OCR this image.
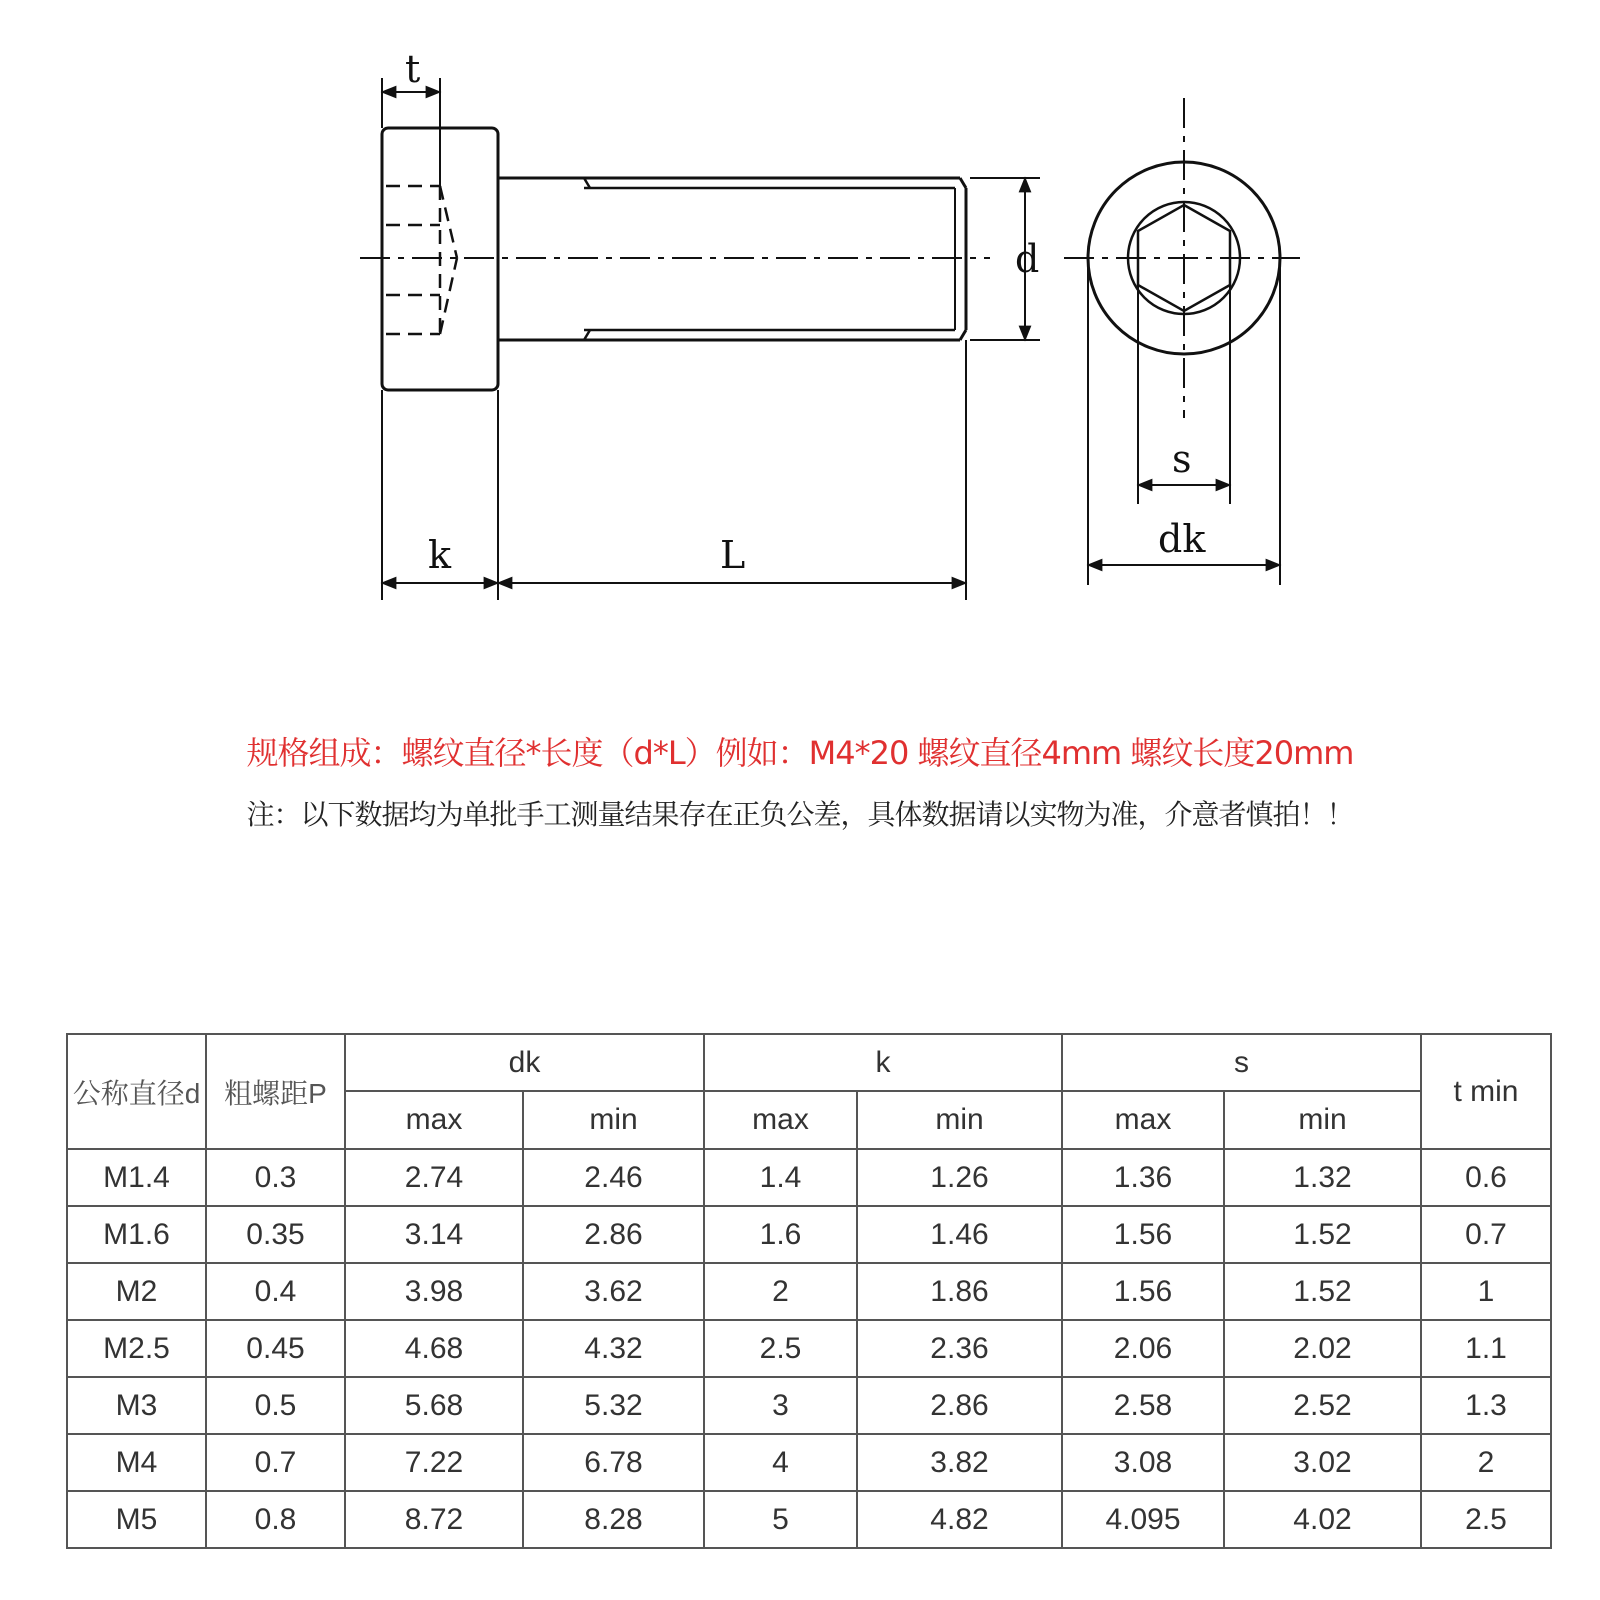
t
d
k	L
s
dk
规格组成：螺纹直径*长度（d*L）例如：M4*20 螺纹直径4mm 螺纹长度20mm
注：以下数据均为单批手工测量结果存在正负公差，具体数据请以实物为准，介意者慎拍！！
公称直径d	粗螺距P	dk		k		s		t min
		max	min	max	min	max	min	
M1.4	0.3	2.74	2.46	1.4	1.26	1.36	1.32	0.6
M1.6	0.35	3.14	2.86	1.6	1.46	1.56	1.52	0.7
M2	0.4	3.98	3.62	2	1.86	1.56	1.52	1
M2.5	0.45	4.68	4.32	2.5	2.36	2.06	2.02	1.1
M3	0.5	5.68	5.32	3	2.86	2.58	2.52	1.3
M4	0.7	7.22	6.78	4	3.82	3.08	3.02	2
M5	0.8	8.72	8.28	5	4.82	4.095	4.02	2.5
